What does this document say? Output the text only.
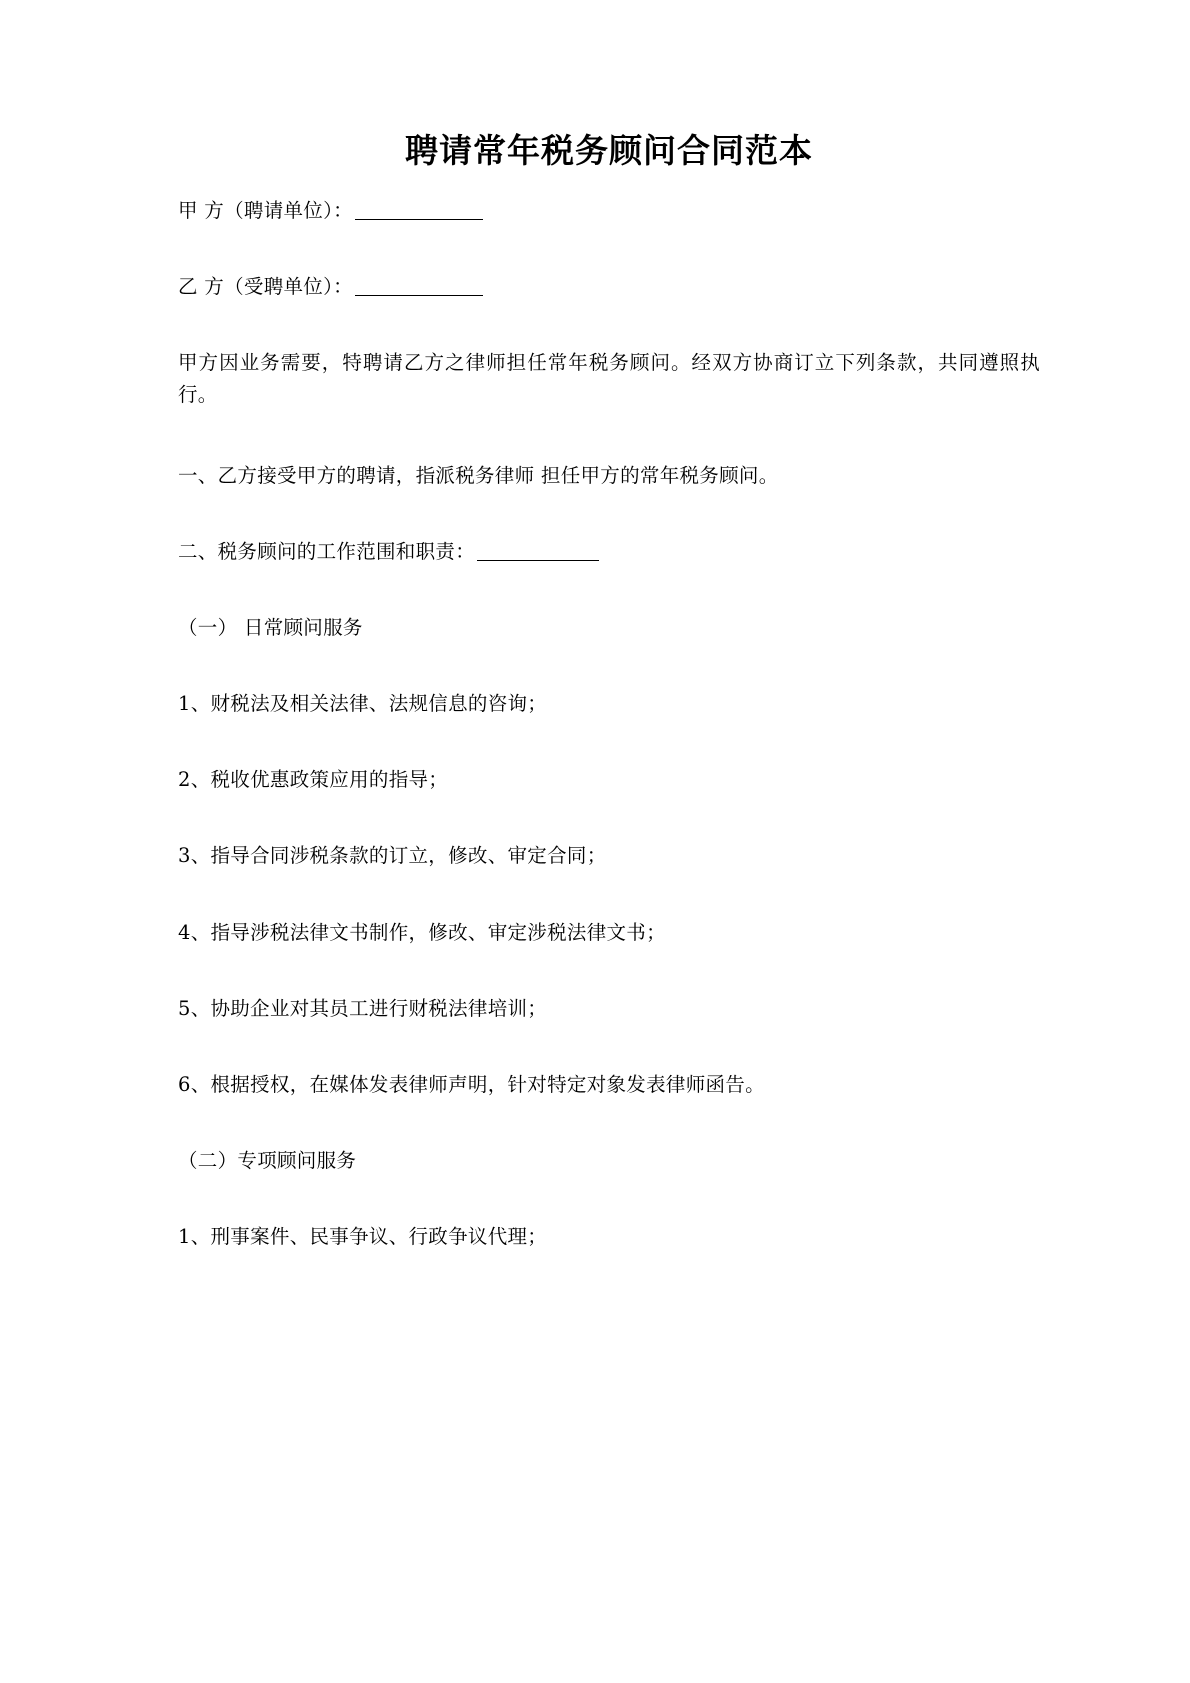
聘请常年税务顾问合同范本

甲 方（聘请单位）：

乙 方（受聘单位）：

甲方因业务需要，特聘请乙方之律师担任常年税务顾问。经双方协商订立下列条款，共同遵照执行。

一、乙方接受甲方的聘请，指派税务律师 担任甲方的常年税务顾问。

二、税务顾问的工作范围和职责：

（一） 日常顾问服务

1、财税法及相关法律、法规信息的咨询；

2、税收优惠政策应用的指导；

3、指导合同涉税条款的订立，修改、审定合同；

4、指导涉税法律文书制作，修改、审定涉税法律文书；

5、协助企业对其员工进行财税法律培训；

6、根据授权，在媒体发表律师声明，针对特定对象发表律师函告。

（二）专项顾问服务

1、刑事案件、民事争议、行政争议代理；
